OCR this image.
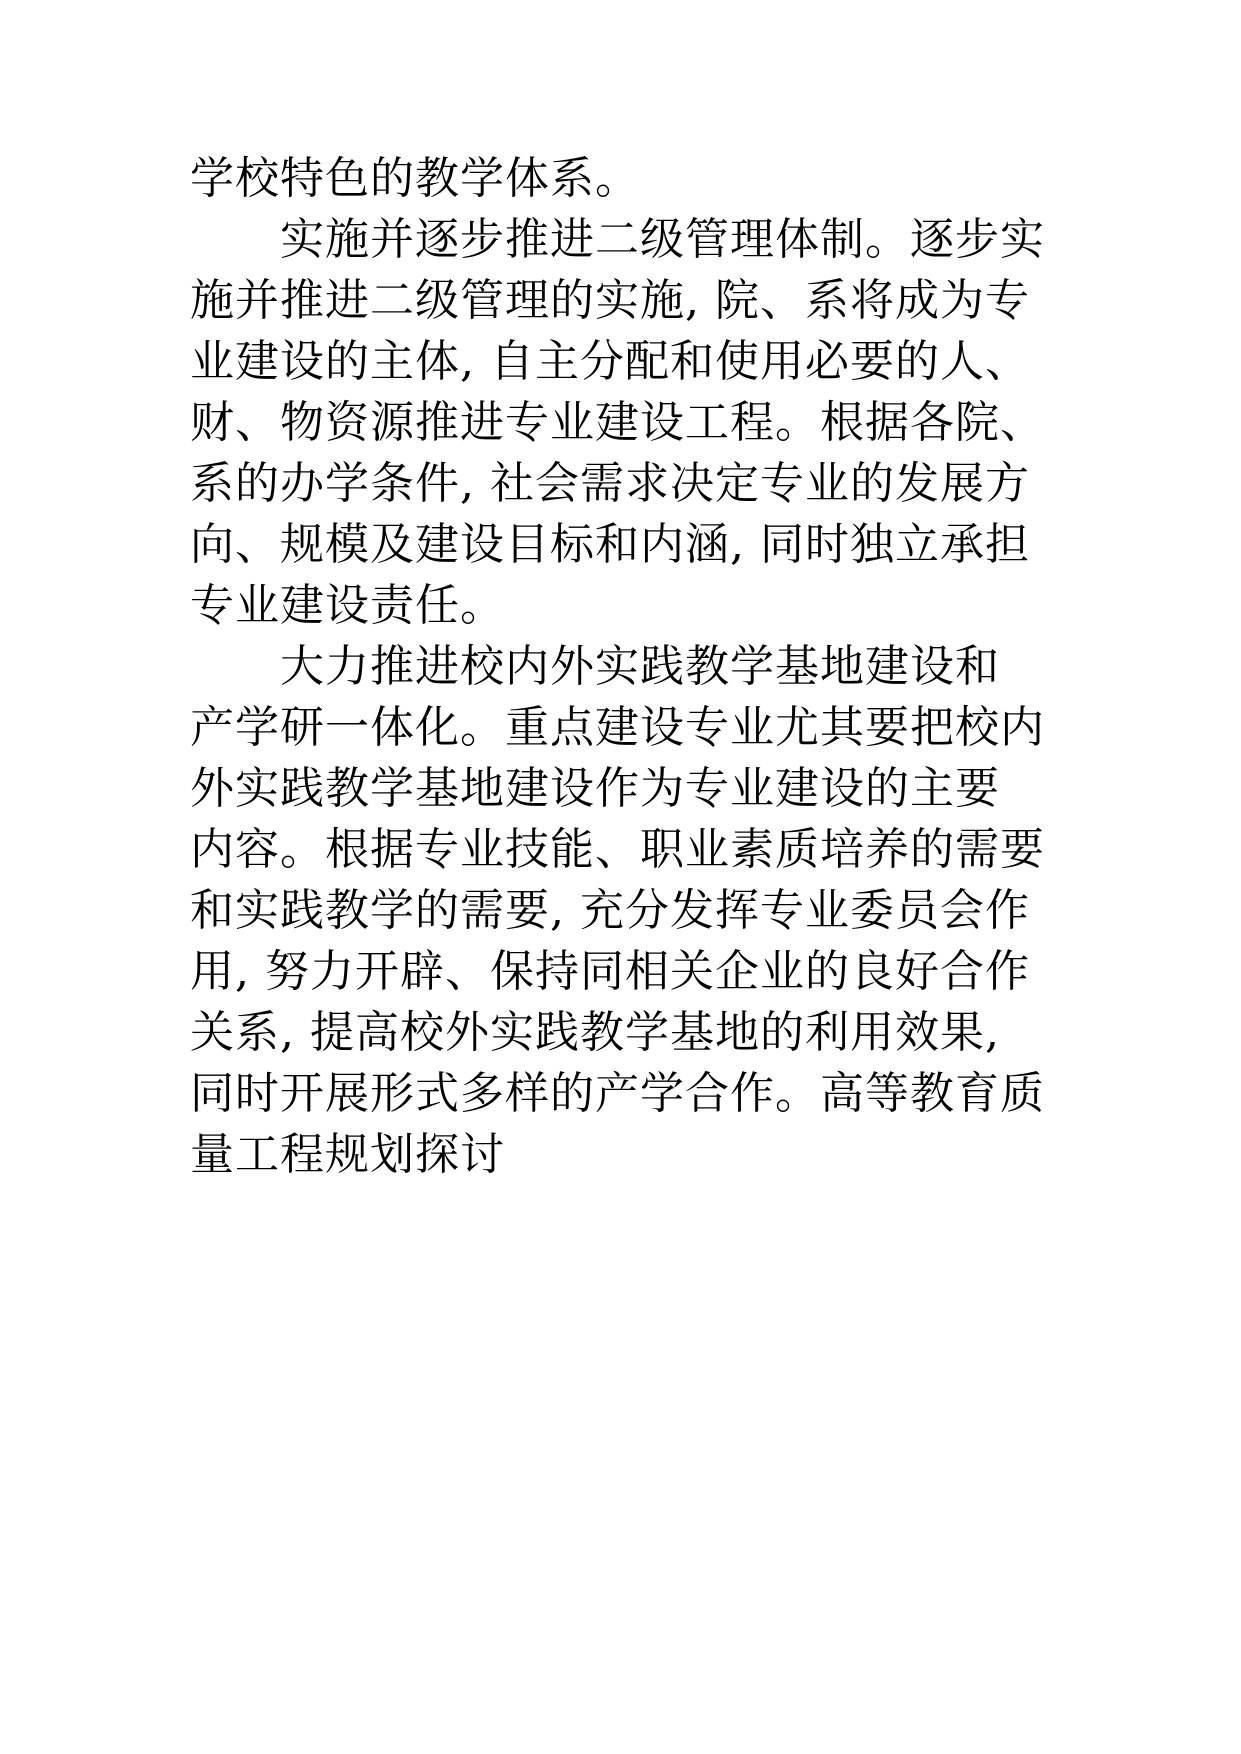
学校特色的教学体系。
实施并逐步推进二级管理体制。逐步实
施并推进二级管理的实施, 院、系将成为专
业建设的主体, 自主分配和使用必要的人、
财、物资源推进专业建设工程。根据各院、
系的办学条件, 社会需求决定专业的发展方
向、规模及建设目标和内涵, 同时独立承担
专业建设责任。
大力推进校内外实践教学基地建设和
产学研一体化。重点建设专业尤其要把校内
外实践教学基地建设作为专业建设的主要
内容。根据专业技能、职业素质培养的需要
和实践教学的需要, 充分发挥专业委员会作
用, 努力开辟、保持同相关企业的良好合作
关系, 提高校外实践教学基地的利用效果,
同时开展形式多样的产学合作。高等教育质
量工程规划探讨
